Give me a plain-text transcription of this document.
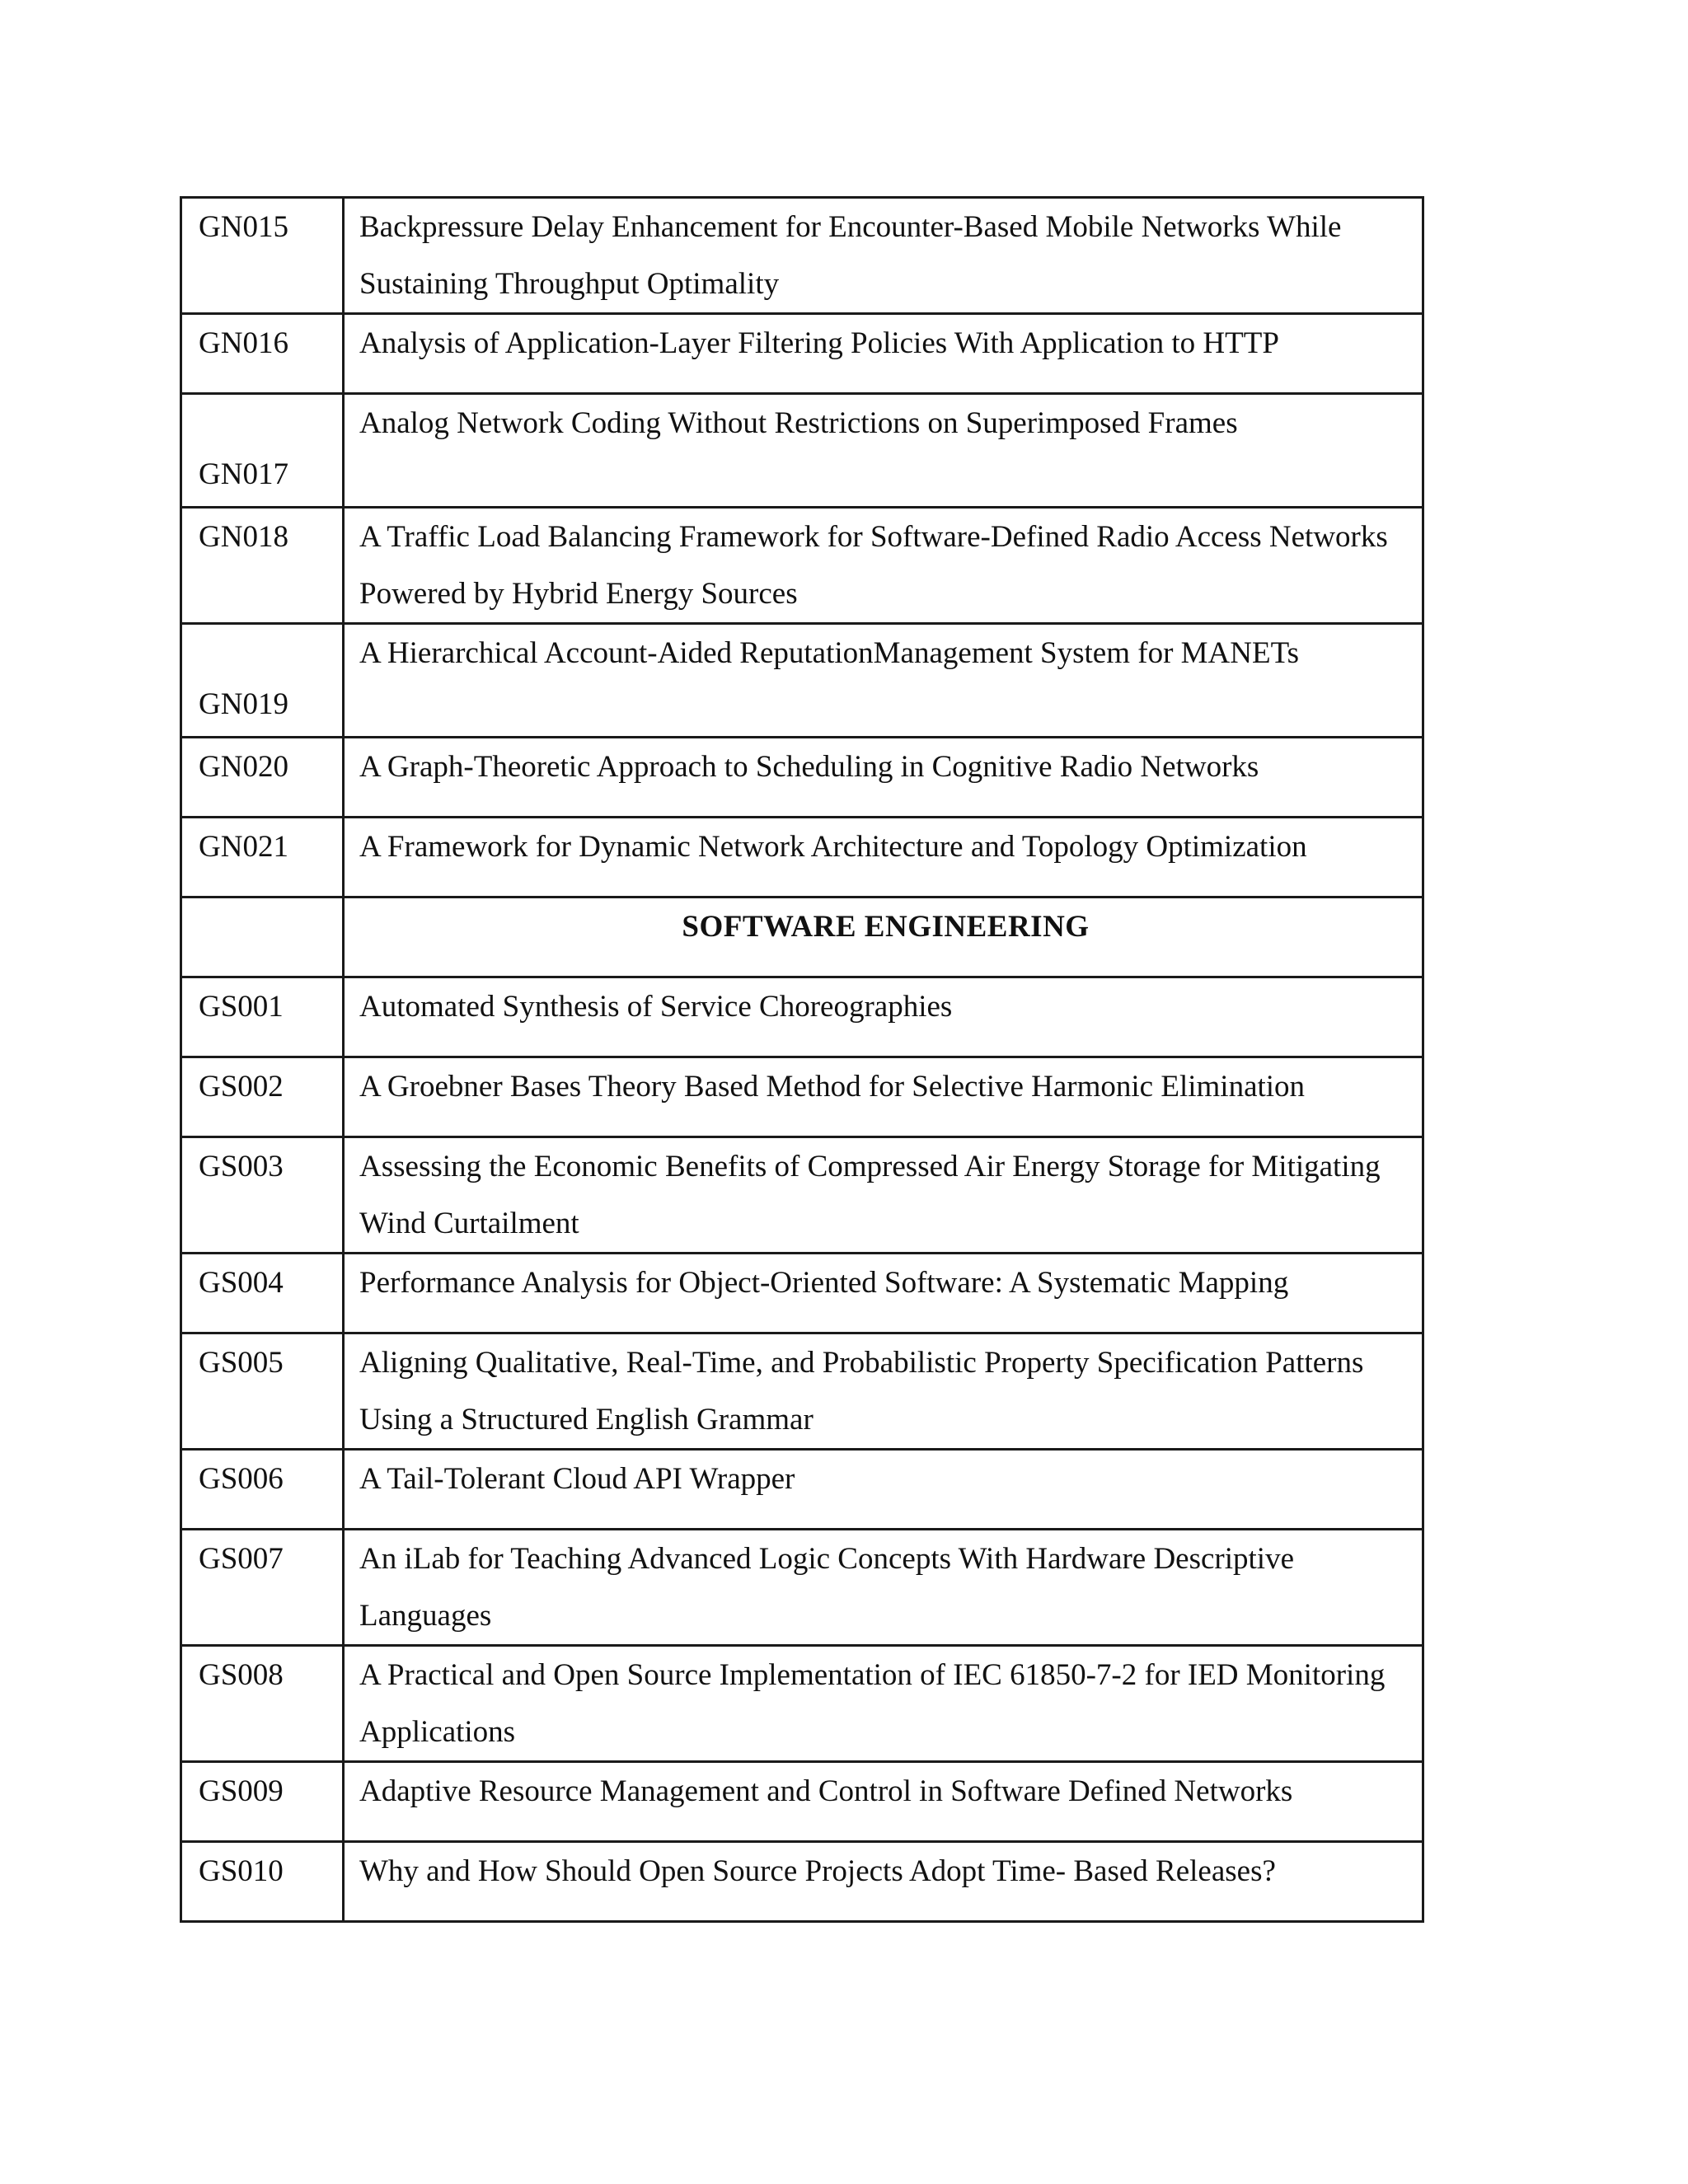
GN015	Backpressure Delay Enhancement for Encounter-Based Mobile Networks While Sustaining Throughput Optimality
GN016	Analysis of Application-Layer Filtering Policies With Application to HTTP
GN017	Analog Network Coding Without Restrictions on Superimposed Frames
GN018	A Traffic Load Balancing Framework for Software-Defined Radio Access Networks Powered by Hybrid Energy Sources
GN019	A Hierarchical Account-Aided ReputationManagement System for MANETs
GN020	A Graph-Theoretic Approach to Scheduling in Cognitive Radio Networks
GN021	A Framework for Dynamic Network Architecture and Topology Optimization
	SOFTWARE ENGINEERING
GS001	Automated Synthesis of Service Choreographies
GS002	A Groebner Bases Theory Based Method for Selective Harmonic Elimination
GS003	Assessing the Economic Benefits of Compressed Air Energy Storage for Mitigating Wind Curtailment
GS004	Performance Analysis for Object-Oriented Software: A Systematic Mapping
GS005	Aligning Qualitative, Real-Time, and Probabilistic Property Specification Patterns Using a Structured English Grammar
GS006	A Tail-Tolerant Cloud API Wrapper
GS007	An iLab for Teaching Advanced Logic Concepts With Hardware Descriptive Languages
GS008	A Practical and Open Source Implementation of IEC 61850-7-2 for IED Monitoring Applications
GS009	Adaptive Resource Management and Control in Software Defined Networks
GS010	Why and How Should Open Source Projects Adopt Time- Based Releases?
